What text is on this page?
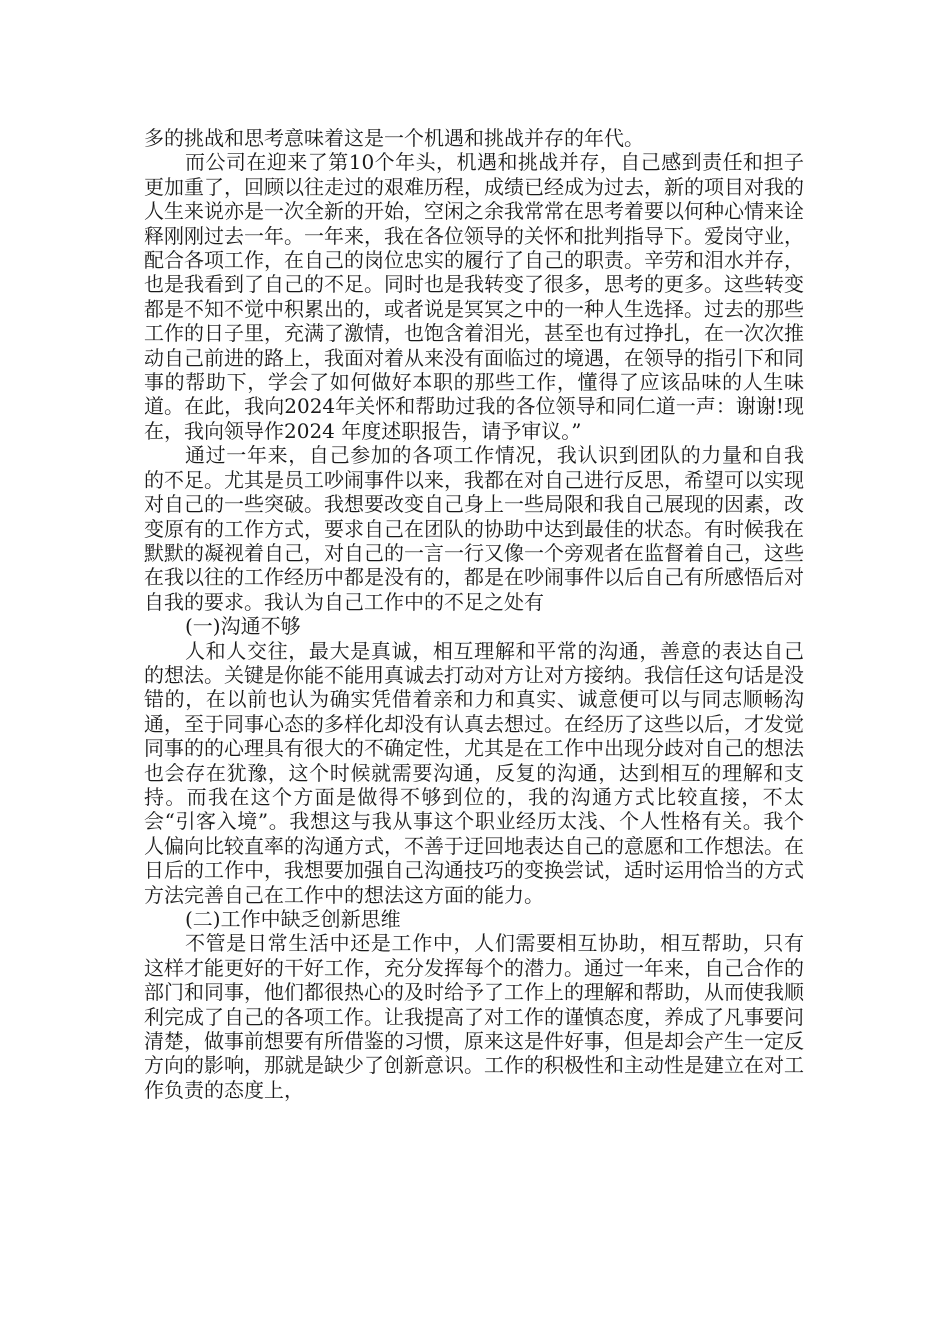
多的挑战和思考意味着这是一个机遇和挑战并存的年代。

而公司在迎来了第10个年头，机遇和挑战并存，自己感到责任和担子更加重了，回顾以往走过的艰难历程，成绩已经成为过去，新的项目对我的人生来说亦是一次全新的开始，空闲之余我常常在思考着要以何种心情来诠释刚刚过去一年。一年来，我在各位领导的关怀和批判指导下。爱岗守业，配合各项工作，在自己的岗位忠实的履行了自己的职责。辛劳和泪水并存，也是我看到了自己的不足。同时也是我转变了很多，思考的更多。这些转变都是不知不觉中积累出的，或者说是冥冥之中的一种人生选择。过去的那些工作的日子里，充满了激情，也饱含着泪光，甚至也有过挣扎，在一次次推动自己前进的路上，我面对着从来没有面临过的境遇，在领导的指引下和同事的帮助下，学会了如何做好本职的那些工作，懂得了应该品味的人生味道。在此，我向2024年关怀和帮助过我的各位领导和同仁道一声：谢谢!现在，我向领导作2024 年度述职报告，请予审议。”

通过一年来，自己参加的各项工作情况，我认识到团队的力量和自我的不足。尤其是员工吵闹事件以来，我都在对自己进行反思，希望可以实现对自己的一些突破。我想要改变自己身上一些局限和我自己展现的因素，改变原有的工作方式，要求自己在团队的协助中达到最佳的状态。有时候我在默默的凝视着自己，对自己的一言一行又像一个旁观者在监督着自己，这些在我以往的工作经历中都是没有的，都是在吵闹事件以后自己有所感悟后对自我的要求。我认为自己工作中的不足之处有

(一)沟通不够

人和人交往，最大是真诚，相互理解和平常的沟通，善意的表达自己的想法。关键是你能不能用真诚去打动对方让对方接纳。我信任这句话是没错的，在以前也认为确实凭借着亲和力和真实、诚意便可以与同志顺畅沟通，至于同事心态的多样化却没有认真去想过。在经历了这些以后，才发觉同事的的心理具有很大的不确定性，尤其是在工作中出现分歧对自己的想法也会存在犹豫，这个时候就需要沟通，反复的沟通，达到相互的理解和支持。而我在这个方面是做得不够到位的，我的沟通方式比较直接，不太会“引客入境”。我想这与我从事这个职业经历太浅、个人性格有关。我个人偏向比较直率的沟通方式，不善于迂回地表达自己的意愿和工作想法。在日后的工作中，我想要加强自己沟通技巧的变换尝试，适时运用恰当的方式方法完善自己在工作中的想法这方面的能力。

(二)工作中缺乏创新思维

不管是日常生活中还是工作中，人们需要相互协助，相互帮助，只有这样才能更好的干好工作，充分发挥每个的潜力。通过一年来，自己合作的部门和同事，他们都很热心的及时给予了工作上的理解和帮助，从而使我顺利完成了自己的各项工作。让我提高了对工作的谨慎态度，养成了凡事要问清楚，做事前想要有所借鉴的习惯，原来这是件好事，但是却会产生一定反方向的影响，那就是缺少了创新意识。工作的积极性和主动性是建立在对工作负责的态度上，
